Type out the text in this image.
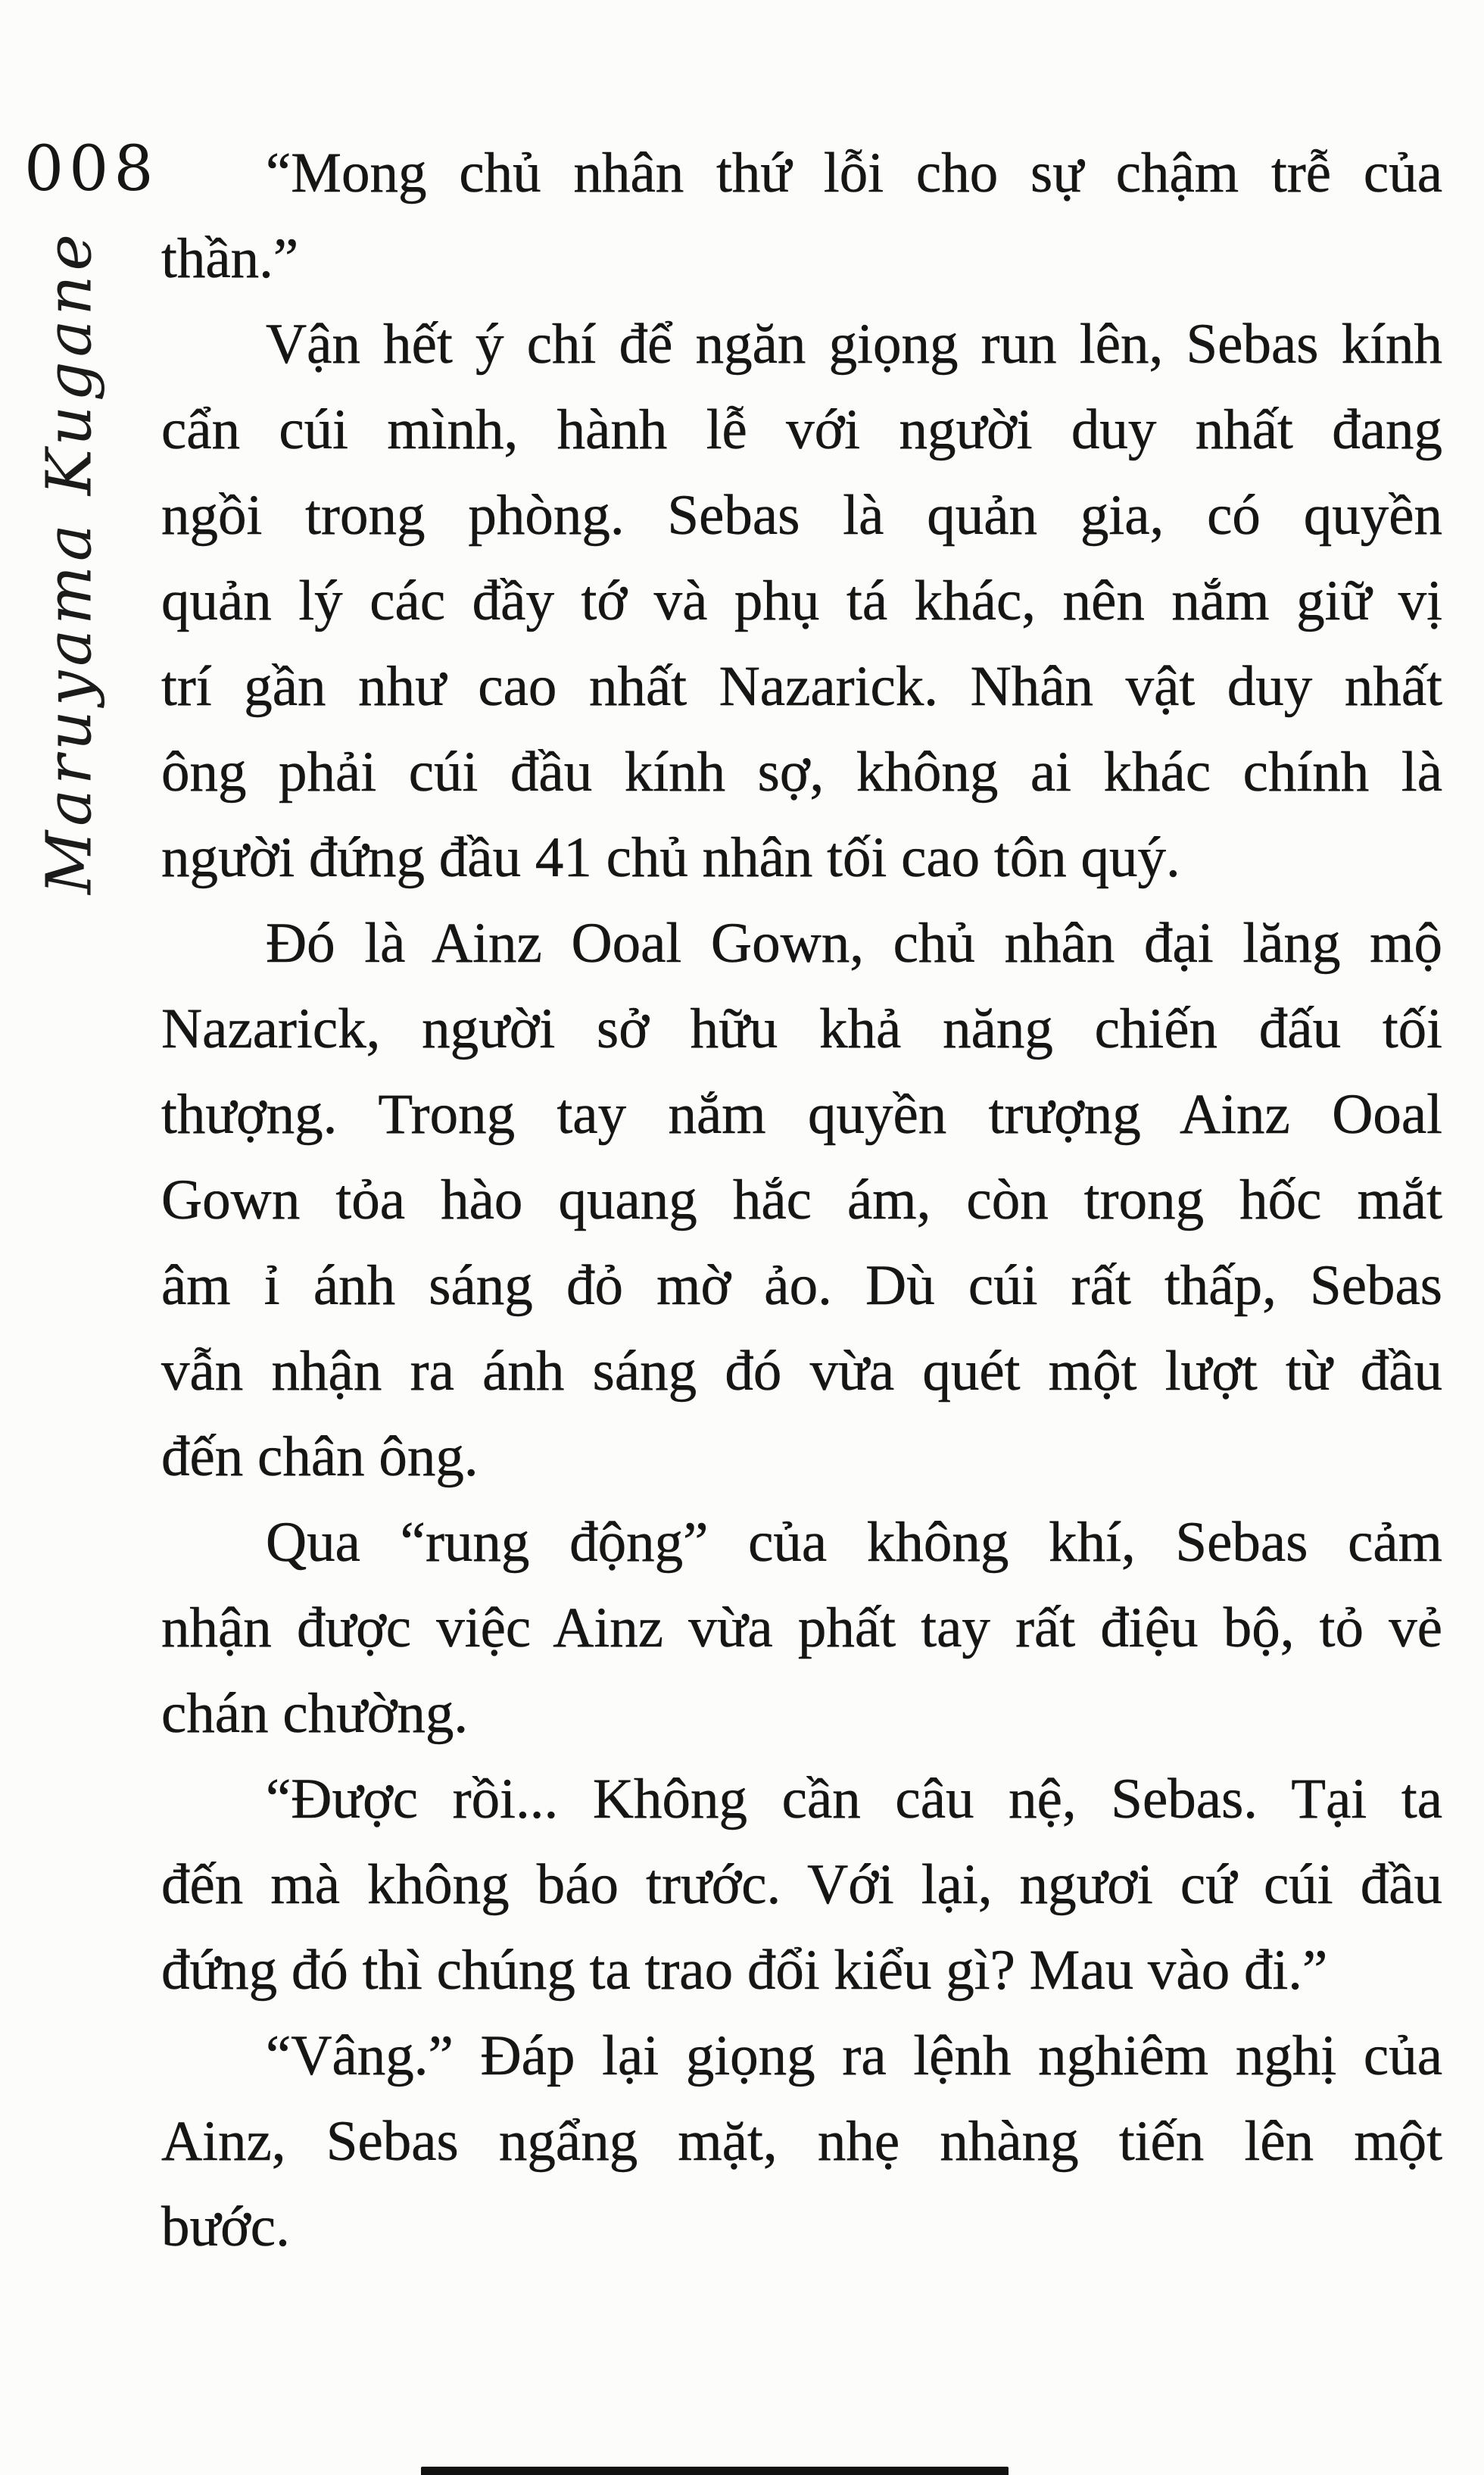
008
Maruyama Kugane
“Mong chủ nhân thứ lỗi cho sự chậm trễ của
thần.”
Vận hết ý chí để ngăn giọng run lên, Sebas kính
cẩn cúi mình, hành lễ với người duy nhất đang
ngồi trong phòng. Sebas là quản gia, có quyền
quản lý các đầy tớ và phụ tá khác, nên nắm giữ vị
trí gần như cao nhất Nazarick. Nhân vật duy nhất
ông phải cúi đầu kính sợ, không ai khác chính là
người đứng đầu 41 chủ nhân tối cao tôn quý.
Đó là Ainz Ooal Gown, chủ nhân đại lăng mộ
Nazarick, người sở hữu khả năng chiến đấu tối
thượng. Trong tay nắm quyền trượng Ainz Ooal
Gown tỏa hào quang hắc ám, còn trong hốc mắt
âm ỉ ánh sáng đỏ mờ ảo. Dù cúi rất thấp, Sebas
vẫn nhận ra ánh sáng đó vừa quét một lượt từ đầu
đến chân ông.
Qua “rung động” của không khí, Sebas cảm
nhận được việc Ainz vừa phất tay rất điệu bộ, tỏ vẻ
chán chường.
“Được rồi... Không cần câu nệ, Sebas. Tại ta
đến mà không báo trước. Với lại, ngươi cứ cúi đầu
đứng đó thì chúng ta trao đổi kiểu gì? Mau vào đi.”
“Vâng.” Đáp lại giọng ra lệnh nghiêm nghị của
Ainz, Sebas ngẩng mặt, nhẹ nhàng tiến lên một
bước.
